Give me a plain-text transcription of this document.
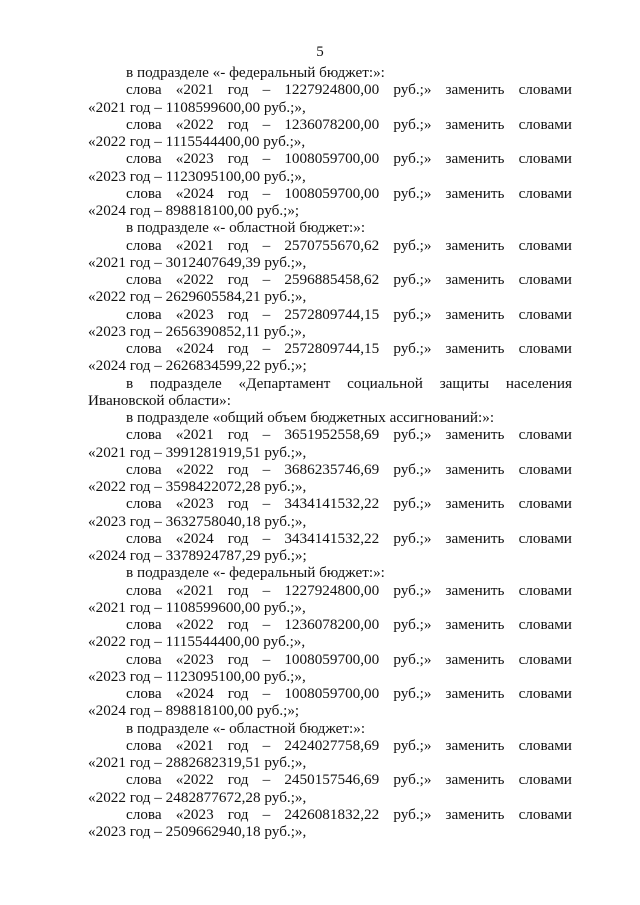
5
в подразделе «- федеральный бюджет:»:
слова «2021 год – 1227924800,00 руб.;» заменить словами
«2021 год – 1108599600,00 руб.;»,
слова «2022 год – 1236078200,00 руб.;» заменить словами
«2022 год – 1115544400,00 руб.;»,
слова «2023 год – 1008059700,00 руб.;» заменить словами
«2023 год – 1123095100,00 руб.;»,
слова «2024 год – 1008059700,00 руб.;» заменить словами
«2024 год – 898818100,00 руб.;»;
в подразделе «- областной бюджет:»:
слова «2021 год – 2570755670,62 руб.;» заменить словами
«2021 год – 3012407649,39 руб.;»,
слова «2022 год – 2596885458,62 руб.;» заменить словами
«2022 год – 2629605584,21 руб.;»,
слова «2023 год – 2572809744,15 руб.;» заменить словами
«2023 год – 2656390852,11 руб.;»,
слова «2024 год – 2572809744,15 руб.;» заменить словами
«2024 год – 2626834599,22 руб.;»;
в подразделе «Департамент социальной защиты населения
Ивановской области»:
в подразделе «общий объем бюджетных ассигнований:»:
слова «2021 год – 3651952558,69 руб.;» заменить словами
«2021 год – 3991281919,51 руб.;»,
слова «2022 год – 3686235746,69 руб.;» заменить словами
«2022 год – 3598422072,28 руб.;»,
слова «2023 год – 3434141532,22 руб.;» заменить словами
«2023 год – 3632758040,18 руб.;»,
слова «2024 год – 3434141532,22 руб.;» заменить словами
«2024 год – 3378924787,29 руб.;»;
в подразделе «- федеральный бюджет:»:
слова «2021 год – 1227924800,00 руб.;» заменить словами
«2021 год – 1108599600,00 руб.;»,
слова «2022 год – 1236078200,00 руб.;» заменить словами
«2022 год – 1115544400,00 руб.;»,
слова «2023 год – 1008059700,00 руб.;» заменить словами
«2023 год – 1123095100,00 руб.;»,
слова «2024 год – 1008059700,00 руб.;» заменить словами
«2024 год – 898818100,00 руб.;»;
в подразделе «- областной бюджет:»:
слова «2021 год – 2424027758,69 руб.;» заменить словами
«2021 год – 2882682319,51 руб.;»,
слова «2022 год – 2450157546,69 руб.;» заменить словами
«2022 год – 2482877672,28 руб.;»,
слова «2023 год – 2426081832,22 руб.;» заменить словами
«2023 год – 2509662940,18 руб.;»,
